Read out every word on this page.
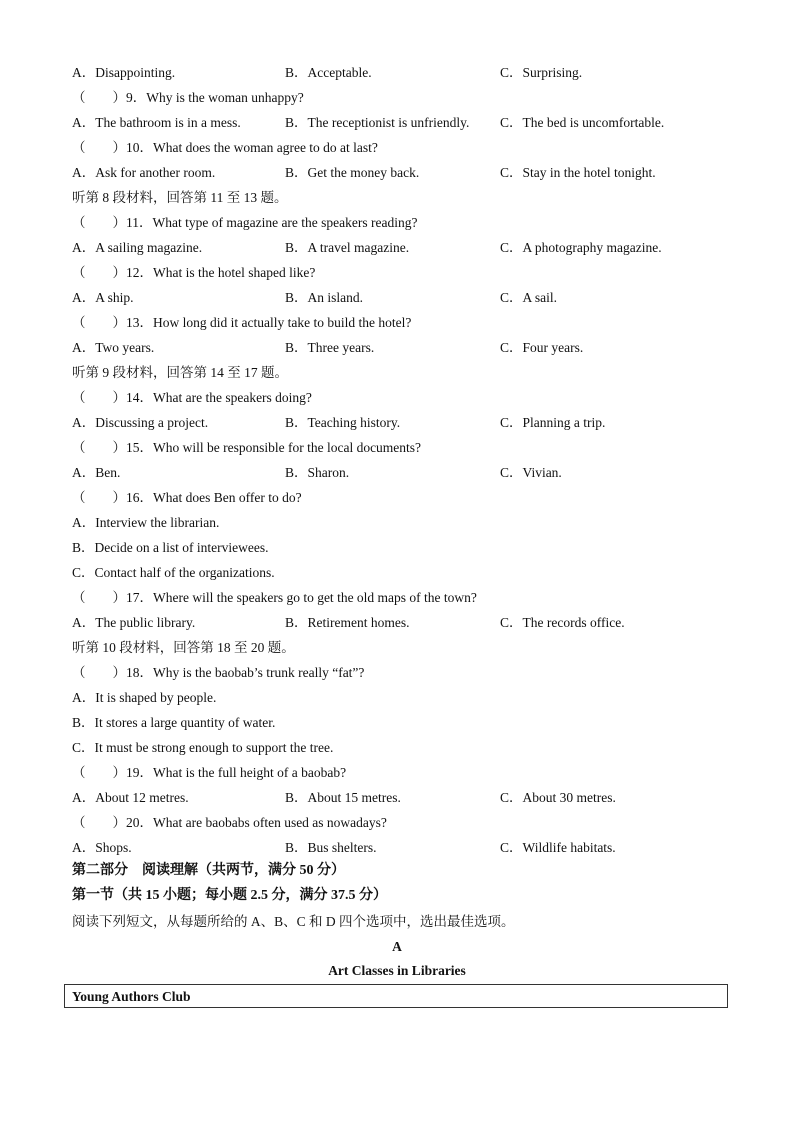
A．Disappointing.	B．Acceptable.	C．Surprising.
（　　）9．Why is the woman unhappy?
A．The bathroom is in a mess.	B．The receptionist is unfriendly. C．The bed is uncomfortable.
（　　）10．What does the woman agree to do at last?
A．Ask for another room.	B．Get the money back.	C．Stay in the hotel tonight.
听第 8 段材料，回答第 11 至 13 题。
（　　）11．What type of magazine are the speakers reading?
A．A sailing magazine.	B．A travel magazine.	C．A photography magazine.
（　　）12．What is the hotel shaped like?
A．A ship.	B．An island.	C．A sail.
（　　）13．How long did it actually take to build the hotel?
A．Two years.	B．Three years.	C．Four years.
听第 9 段材料，回答第 14 至 17 题。
（　　）14．What are the speakers doing?
A．Discussing a project.	B．Teaching history.	C．Planning a trip.
（　　）15．Who will be responsible for the local documents?
A．Ben.	B．Sharon.	C．Vivian.
（　　）16．What does Ben offer to do?
A．Interview the librarian.
B．Decide on a list of interviewees.
C．Contact half of the organizations.
（　　）17．Where will the speakers go to get the old maps of the town?
A．The public library.	B．Retirement homes.	C．The records office.
听第 10 段材料，回答第 18 至 20 题。
（　　）18．Why is the baobab’s trunk really “fat”?
A．It is shaped by people.
B．It stores a large quantity of water.
C．It must be strong enough to support the tree.
（　　）19．What is the full height of a baobab?
A．About 12 metres.	B．About 15 metres.	C．About 30 metres.
（　　）20．What are baobabs often used as nowadays?
A．Shops.	B．Bus shelters.	C．Wildlife habitats.
第二部分　阅读理解（共两节，满分 50 分）
第一节（共 15 小题；每小题 2.5 分，满分 37.5 分）
阅读下列短文，从每题所给的 A、B、C 和 D 四个选项中，选出最佳选项。
A
Art Classes in Libraries
Young Authors Club
